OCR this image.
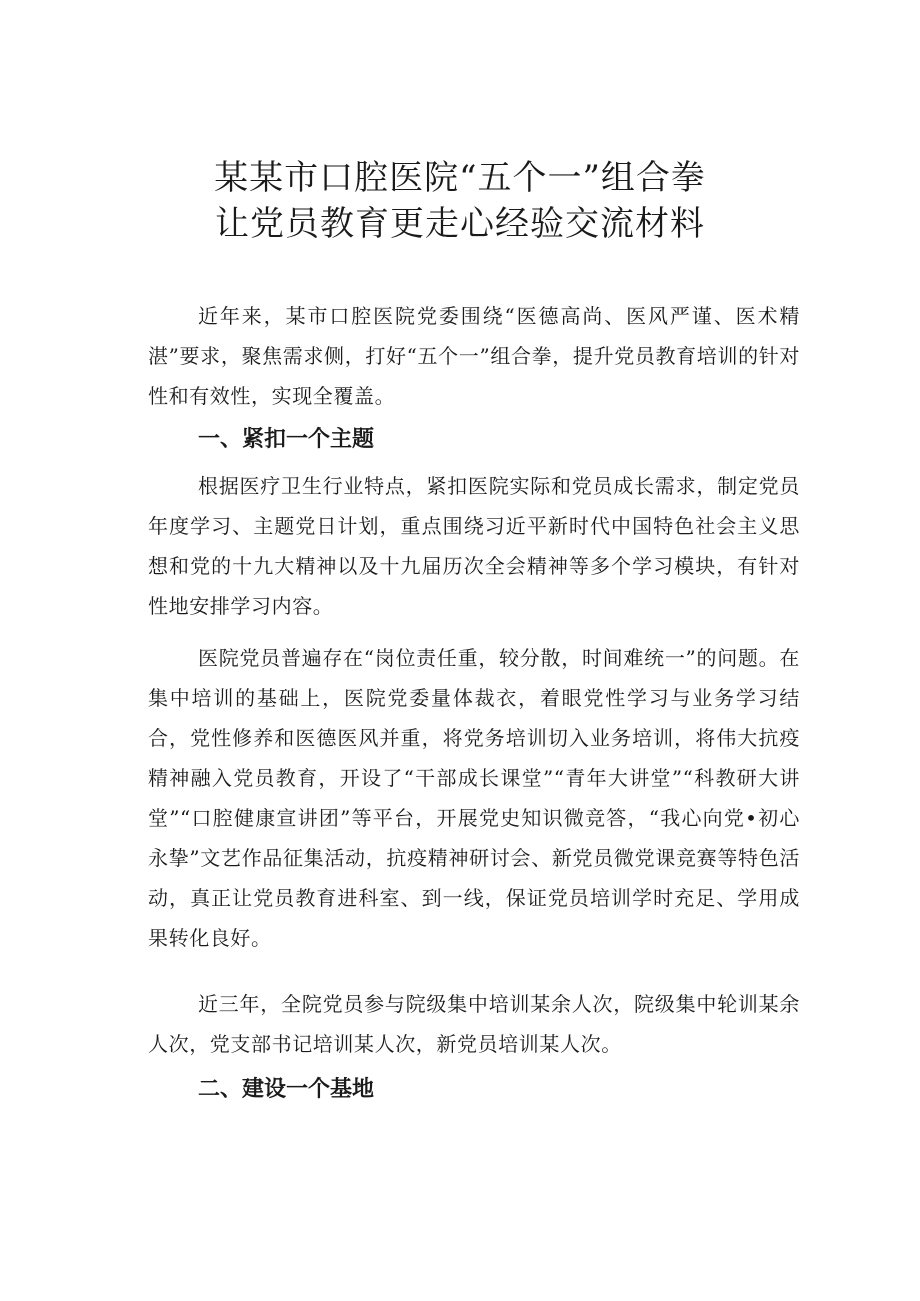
某某市口腔医院“五个一”组合拳
让党员教育更走心经验交流材料

近年来，某市口腔医院党委围绕“医德高尚、医风严谨、医术精湛”要求，聚焦需求侧，打好“五个一”组合拳，提升党员教育培训的针对性和有效性，实现全覆盖。

一、紧扣一个主题

根据医疗卫生行业特点，紧扣医院实际和党员成长需求，制定党员年度学习、主题党日计划，重点围绕习近平新时代中国特色社会主义思想和党的十九大精神以及十九届历次全会精神等多个学习模块，有针对性地安排学习内容。

医院党员普遍存在“岗位责任重，较分散，时间难统一”的问题。在集中培训的基础上，医院党委量体裁衣，着眼党性学习与业务学习结合，党性修养和医德医风并重，将党务培训切入业务培训，将伟大抗疫精神融入党员教育，开设了“干部成长课堂”“青年大讲堂”“科教研大讲堂”“口腔健康宣讲团”等平台，开展党史知识微竞答，“我心向党•初心永挚”文艺作品征集活动，抗疫精神研讨会、新党员微党课竞赛等特色活动，真正让党员教育进科室、到一线，保证党员培训学时充足、学用成果转化良好。

近三年，全院党员参与院级集中培训某余人次，院级集中轮训某余人次，党支部书记培训某人次，新党员培训某人次。

二、建设一个基地
